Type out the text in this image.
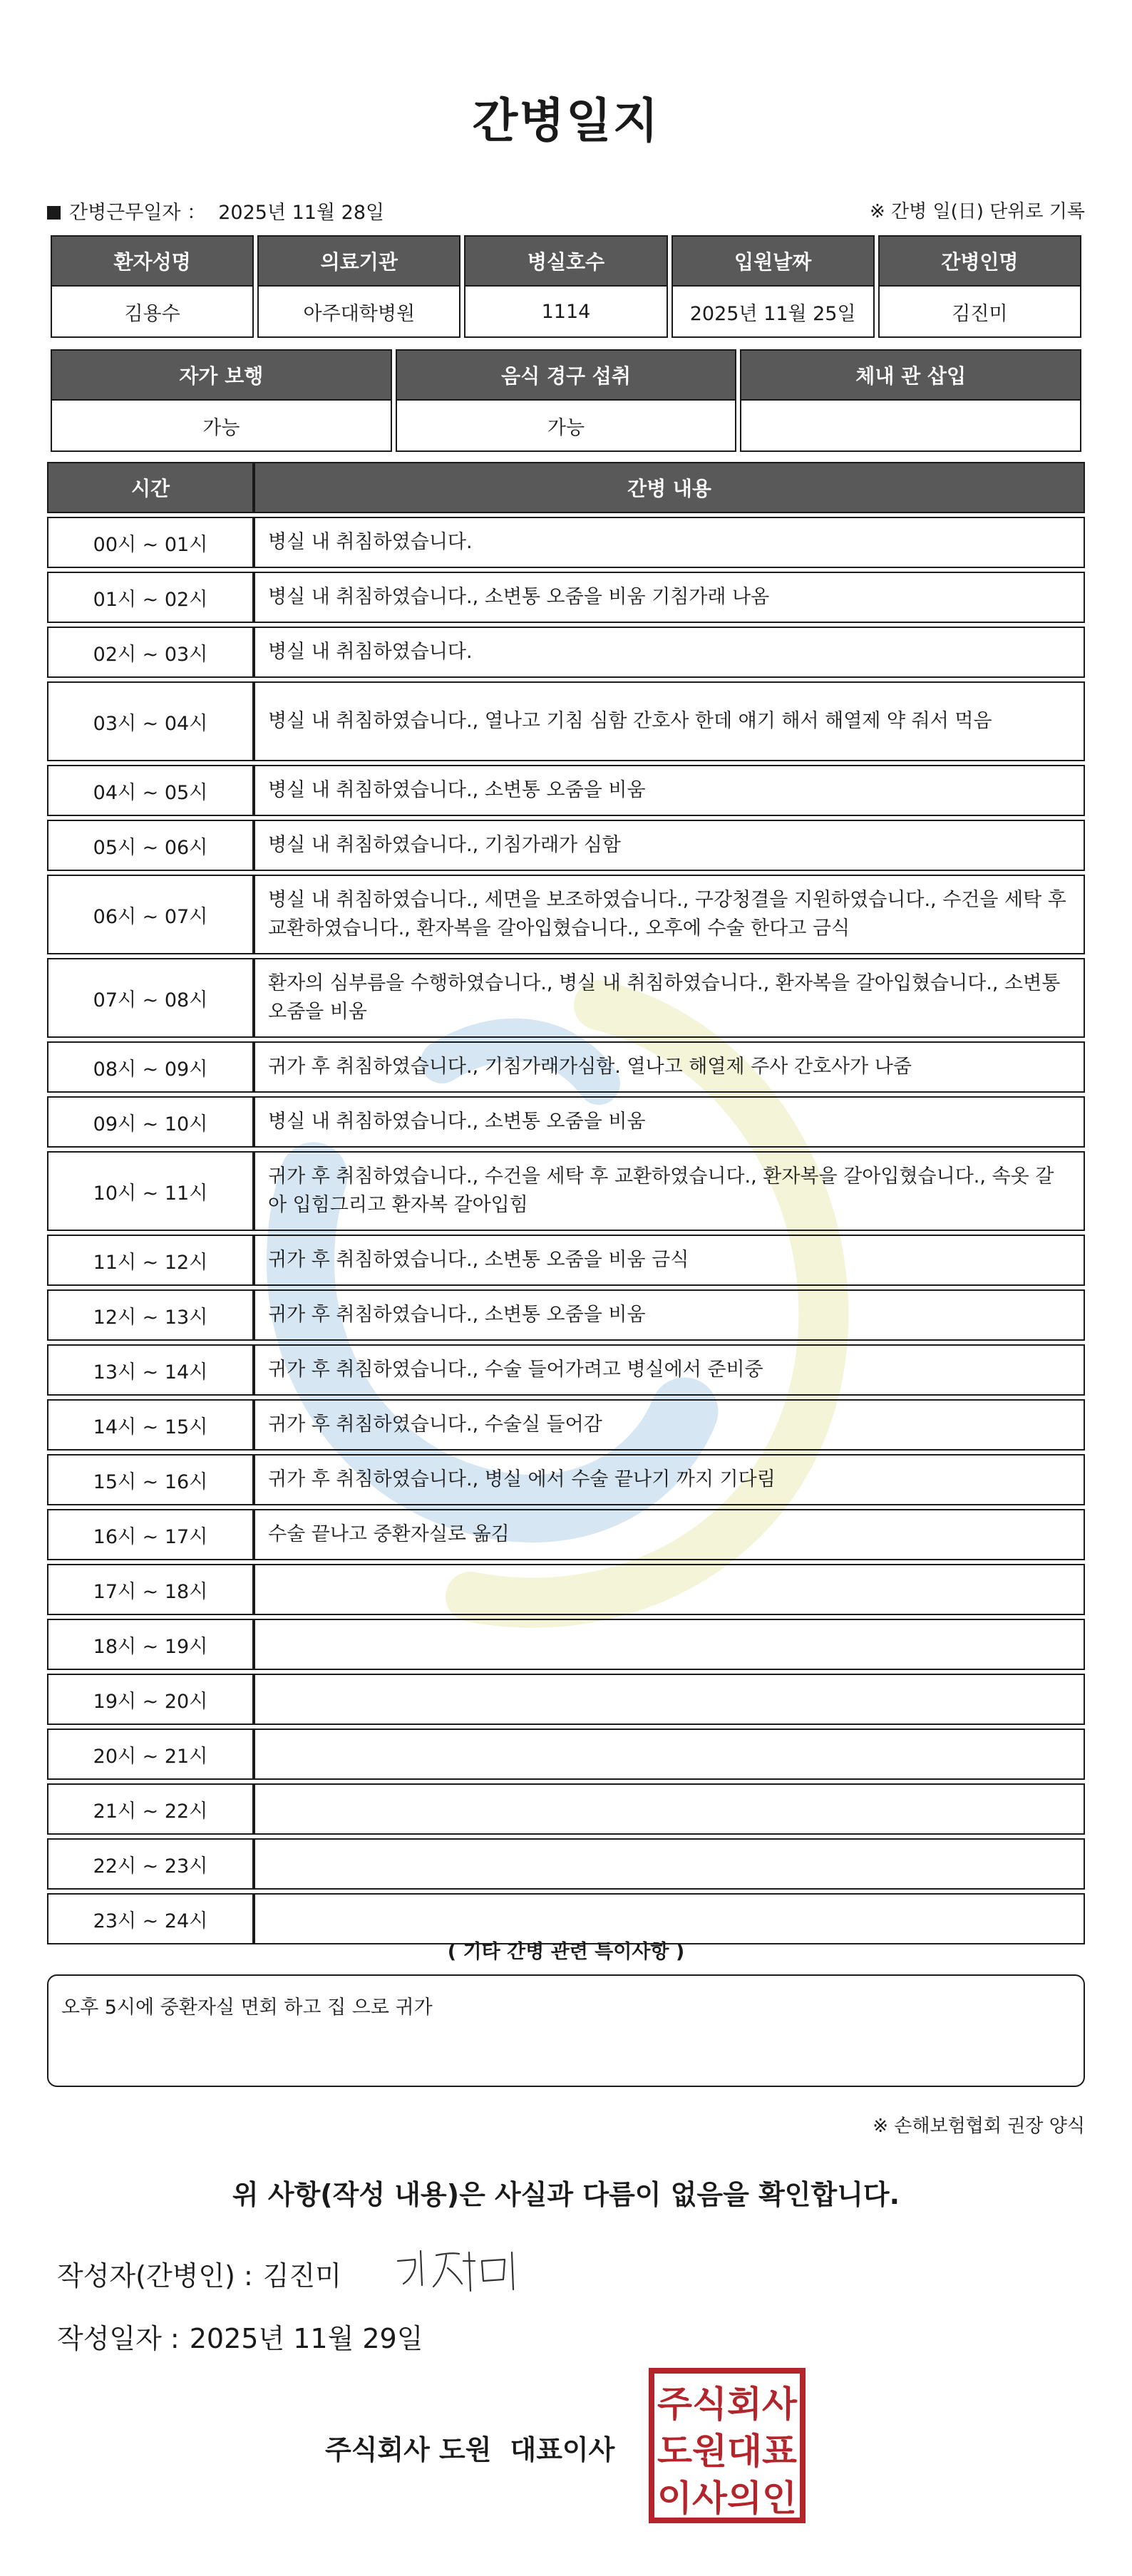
간병일지
간병근무일자 ： 2025년 11월 28일	※ 간병 일(日) 단위로 기록
환자성명	의료기관	병실호수	입원날짜	간병인명
김용수	아주대학병원	1114	2025년 11월 25일	김진미
자가 보행	음식 경구 섭취	체내 관 삽입
가능	가능	
시간	간병 내용
00시 ~ 01시	병실 내 취침하였습니다.
01시 ~ 02시	병실 내 취침하였습니다., 소변통 오줌을 비움 기침가래 나옴
02시 ~ 03시	병실 내 취침하였습니다.
03시 ~ 04시	병실 내 취침하였습니다., 열나고 기침 심함 간호사 한데 얘기 해서 해열제 약 줘서 먹음
04시 ~ 05시	병실 내 취침하였습니다., 소변통 오줌을 비움
05시 ~ 06시	병실 내 취침하였습니다., 기침가래가 심함
06시 ~ 07시	병실 내 취침하였습니다., 세면을 보조하였습니다., 구강청결을 지원하였습니다., 수건을 세탁 후 교환하였습니다., 환자복을 갈아입혔습니다., 오후에 수술 한다고 금식
07시 ~ 08시	환자의 심부름을 수행하였습니다., 병실 내 취침하였습니다., 환자복을 갈아입혔습니다., 소변통 오줌을 비움
08시 ~ 09시	귀가 후 취침하였습니다., 기침가래가심함. 열나고 해열제 주사 간호사가 나줌
09시 ~ 10시	병실 내 취침하였습니다., 소변통 오줌을 비움
10시 ~ 11시	귀가 후 취침하였습니다., 수건을 세탁 후 교환하였습니다., 환자복을 갈아입혔습니다., 속옷 갈아 입힘그리고 환자복 갈아입힘
11시 ~ 12시	귀가 후 취침하였습니다., 소변통 오줌을 비움 금식
12시 ~ 13시	귀가 후 취침하였습니다., 소변통 오줌을 비움
13시 ~ 14시	귀가 후 취침하였습니다., 수술 들어가려고 병실에서 준비중
14시 ~ 15시	귀가 후 취침하였습니다., 수술실 들어감
15시 ~ 16시	귀가 후 취침하였습니다., 병실 에서 수술 끝나기 까지 기다림
16시 ~ 17시	수술 끝나고 중환자실로 옮김
17시 ~ 18시	
18시 ~ 19시	
19시 ~ 20시	
20시 ~ 21시	
21시 ~ 22시	
22시 ~ 23시	
23시 ~ 24시	
( 기타 간병 관련 특이사항 )
오후 5시에 중환자실 면회 하고 집 으로 귀가
※ 손해보험협회 권장 양식
위 사항(작성 내용)은 사실과 다름이 없음을 확인합니다.
작성자(간병인) : 김진미
작성일자 : 2025년 11월 29일
주식회사 도원 대표이사
주식회사
도원대표
이사의인
